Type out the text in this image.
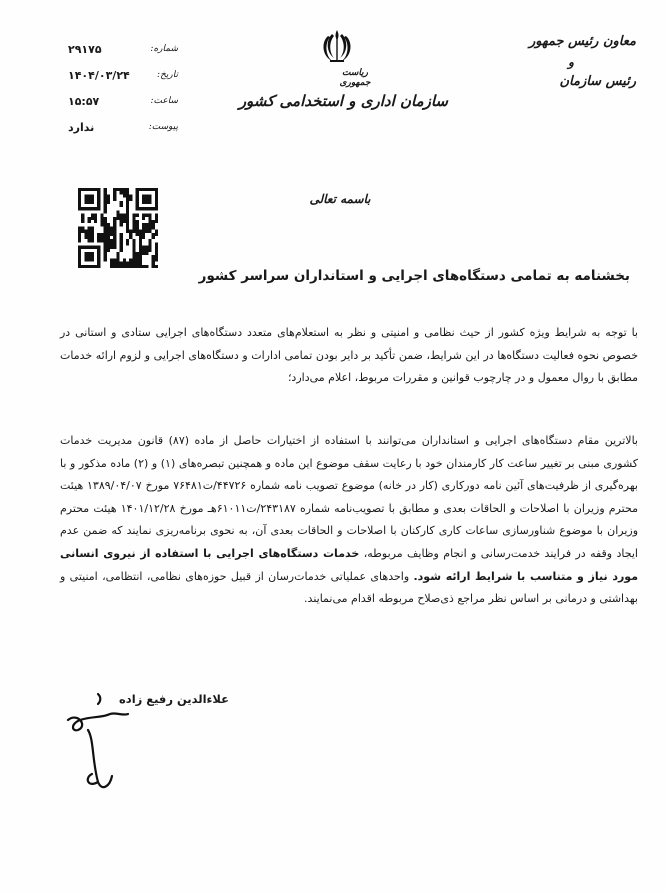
معاون رئیس جمهور
و
رئیس سازمان
ریاست جمهوری
سازمان اداری و استخدامی کشور
شماره:
۲۹۱۷۵
تاریخ:
۱۴۰۴/۰۳/۲۴
ساعت:
۱۵:۵۷
پیوست:
ندارد
باسمه تعالی
بخشنامه به تمامی دستگاه‌های اجرایی و استانداران سراسر کشور

با توجه به شرایط ویژه کشور از حیث نظامی و امنیتی و نظر به استعلام‌های متعدد دستگاه‌های اجرایی ستادی و استانی در خصوص نحوه فعالیت دستگاه‌ها در این شرایط، ضمن تأکید بر دایر بودن تمامی ادارات و دستگاه‌های اجرایی و لزوم ارائه خدمات مطابق با روال معمول و در چارچوب قوانین و مقررات مربوط، اعلام می‌دارد؛

بالاترین مقام دستگاه‌های اجرایی و استانداران می‌توانند با استفاده از اختیارات حاصل از ماده (۸۷) قانون مدیریت خدمات کشوری مبنی بر تغییر ساعت کار کارمندان خود با رعایت سقف موضوع این ماده و همچنین تبصره‌های (۱) و (۲) ماده مذکور و با بهره‌گیری از ظرفیت‌های آئین نامه دورکاری (کار در خانه) موضوع تصویب نامه شماره ۴۴۷۲۶/ت۷۶۴۸۱ مورخ ۱۳۸۹/۰۴/۰۷ هیئت محترم وزیران با اصلاحات و الحاقات بعدی و مطابق با تصویب‌نامه شماره ۲۴۳۱۸۷/ت۶۱۰۱۱هـ مورخ ۱۴۰۱/۱۲/۲۸ هیئت محترم وزیران با موضوع شناورسازی ساعات کاری کارکنان با اصلاحات و الحاقات بعدی آن، به نحوی برنامه‌ریزی نمایند که ضمن عدم ایجاد وقفه در فرایند خدمت‌رسانی و انجام وظایف مربوطه، خدمات دستگاه‌های اجرایی با استفاده از نیروی انسانی مورد نیاز و متناسب با شرایط ارائه شود. واحدهای عملیاتی خدمات‌رسان از قبیل حوزه‌های نظامی، انتظامی، امنیتی و بهداشتی و درمانی بر اساس نظر مراجع ذی‌صلاح مربوطه اقدام می‌نمایند.

علاءالدین رفیع زاده
